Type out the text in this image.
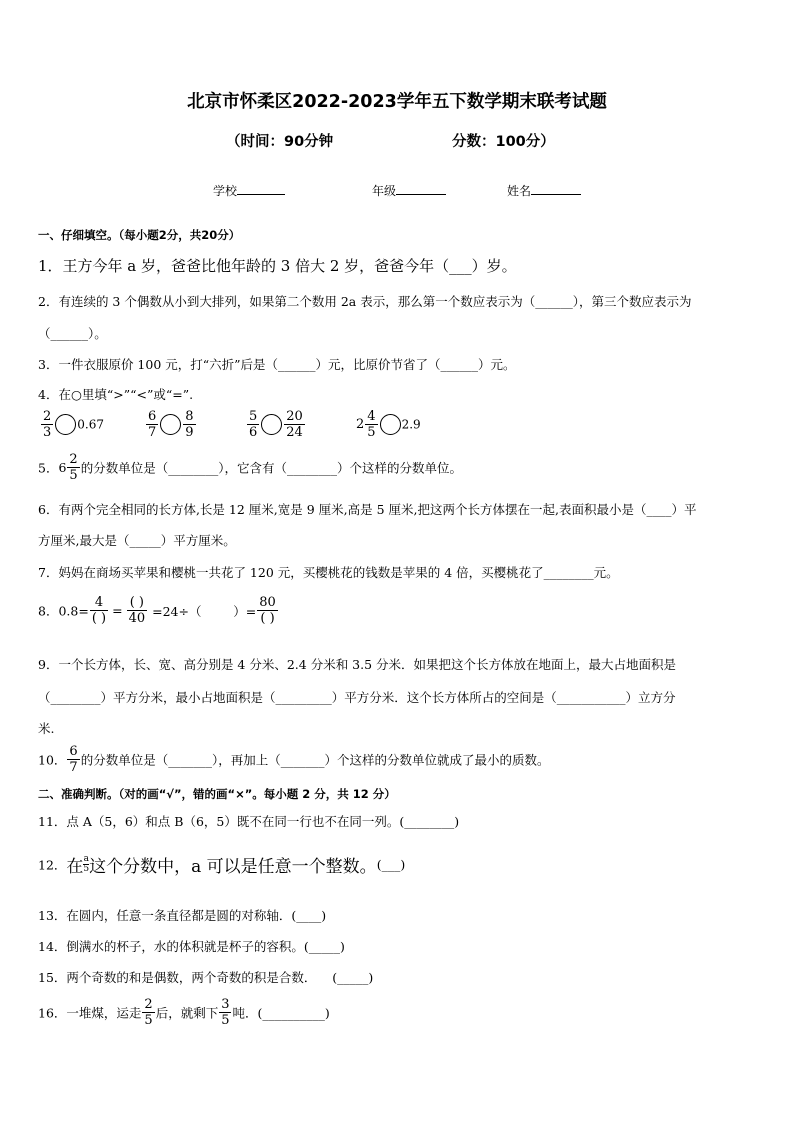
北京市怀柔区2022-2023学年五下数学期末联考试题
（时间：90分钟	分数：100分）
学校	年级	姓名
一、仔细填空。（每小题2分，共20分）
1．王方今年 a 岁，爸爸比他年龄的 3 倍大 2 岁，爸爸今年（___）岁。
2．有连续的 3 个偶数从小到大排列，如果第二个数用 2a 表示，那么第一个数应表示为（______），第三个数应表示为
（______）。
3．一件衣服原价 100 元，打“六折”后是（______）元，比原价节省了（______）元。
4．在○里填“>”“<”或“=”.
$\frac{2}{3} 0.67$	$\frac{6}{7} \frac{8}{9}$	$\frac{5}{6} \frac{20}{24}$	$2 \frac{4}{5} 2.9$
5．$6 \frac{2}{5}$ 的分数单位是（________），它含有（________）个这样的分数单位。
6．有两个完全相同的长方体,长是 12 厘米,宽是 9 厘米,高是 5 厘米,把这两个长方体摆在一起,表面积最小是（____）平
方厘米,最大是（_____）平方厘米。
7．妈妈在商场买苹果和樱桃一共花了 120 元，买樱桃花的钱数是苹果的 4 倍，买樱桃花了________元。
8．$0.8= \frac{4}{( )} = \frac{( )}{40} =24\div$（        ）= $\frac{80}{( )}$
9．一个长方体，长、宽、高分别是 4 分米、2.4 分米和 3.5 分米．如果把这个长方体放在地面上，最大占地面积是
（________）平方分米，最小占地面积是（_________）平方分米．这个长方体所占的空间是（___________）立方分
米.
10． $\frac{6}{7}$ 的分数单位是（_______），再加上（_______）个这样的分数单位就成了最小的质数。
二、准确判断。（对的画“√”，错的画“×”。每小题 2 分，共 12 分）
11．点 A（5，6）和点 B（6，5）既不在同一行也不在同一列。(________)
12．在 $\frac{a}{5}$ 这个分数中，a 可以是任意一个整数。(___)
13．在圆内，任意一条直径都是圆的对称轴．(____)
14．倒满水的杯子，水的体积就是杯子的容积。(_____)
15．两个奇数的和是偶数，两个奇数的积是合数．    (_____)
16．一堆煤，运走 $\frac{2}{5}$ 后，就剩下 $\frac{3}{5}$ 吨．(__________)
